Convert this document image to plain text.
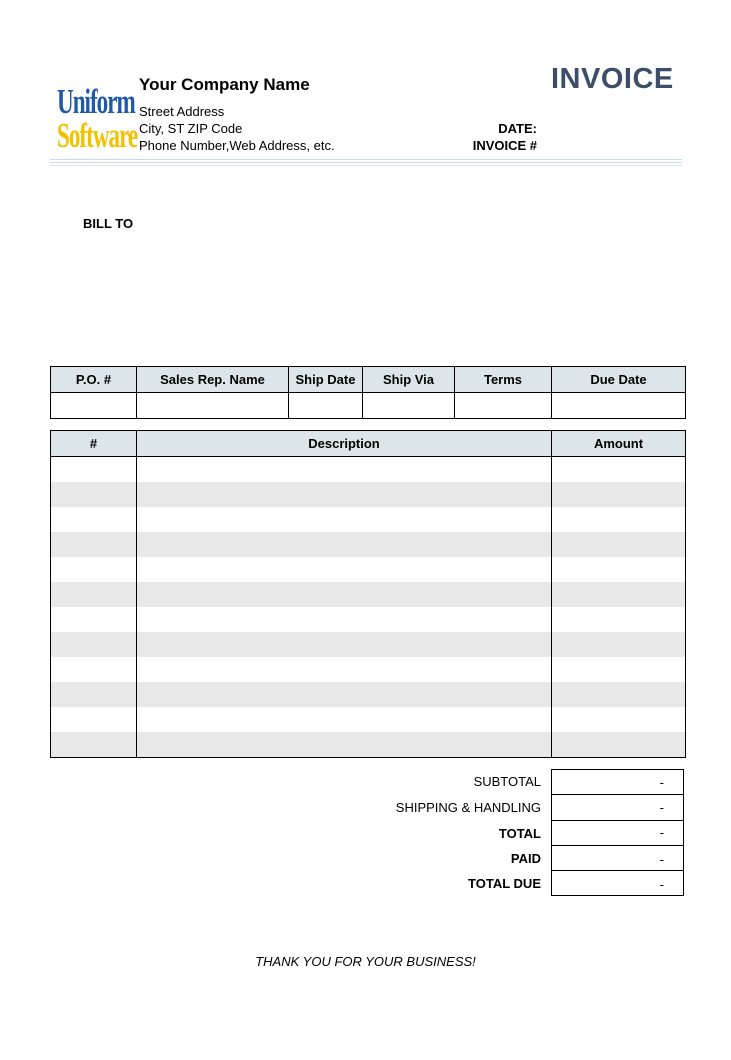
Uniform
Software
Your Company Name
Street Address
City, ST ZIP Code
Phone Number,Web Address, etc.
INVOICE
DATE:
INVOICE #
BILL TO
P.O. #	Sales Rep. Name	Ship Date	Ship Via	Terms	Due Date

#	Description	Amount

SUBTOTAL	-
SHIPPING & HANDLING	-
TOTAL	-
PAID	-
TOTAL DUE	-
THANK YOU FOR YOUR BUSINESS!
